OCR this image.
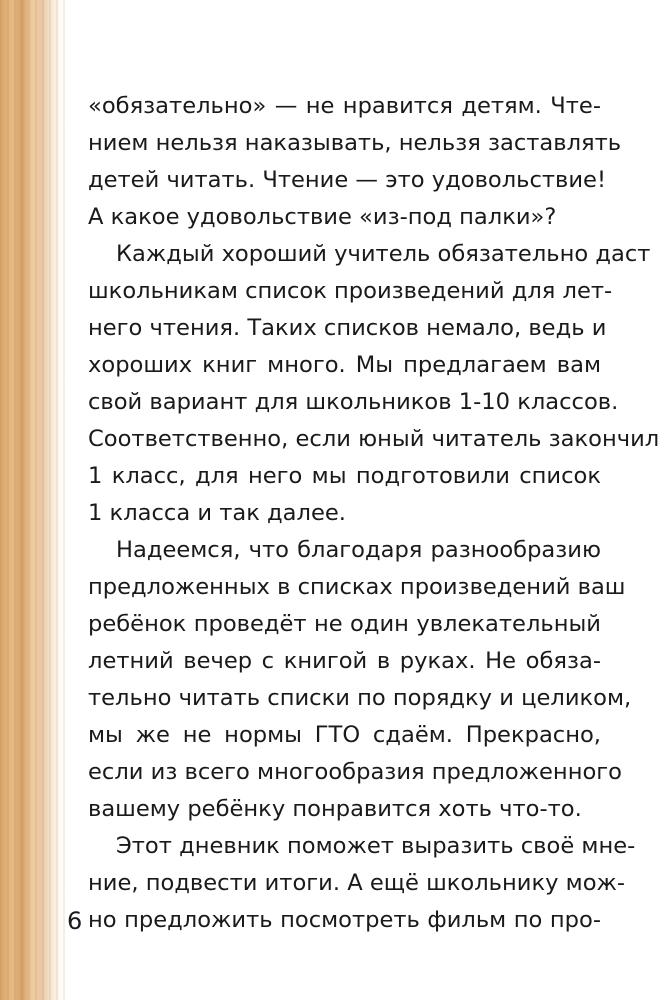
«обязательно» — не нравится детям. Чте-
нием нельзя наказывать, нельзя заставлять
детей читать. Чтение — это удовольствие!
А какое удовольствие «из-под палки»?
Каждый хороший учитель обязательно даст
школьникам список произведений для лет-
него чтения. Таких списков немало, ведь и
хороших книг много. Мы предлагаем вам
свой вариант для школьников 1-10 классов.
Соответственно, если юный читатель закончил
1 класс, для него мы подготовили список
1 класса и так далее.
Надеемся, что благодаря разнообразию
предложенных в списках произведений ваш
ребёнок проведёт не один увлекательный
летний вечер с книгой в руках. Не обяза-
тельно читать списки по порядку и целиком,
мы же не нормы ГТО сдаём. Прекрасно,
если из всего многообразия предложенного
вашему ребёнку понравится хоть что-то.
Этот дневник поможет выразить своё мне-
ние, подвести итоги. А ещё школьнику мож-
но предложить посмотреть фильм по про-
6
